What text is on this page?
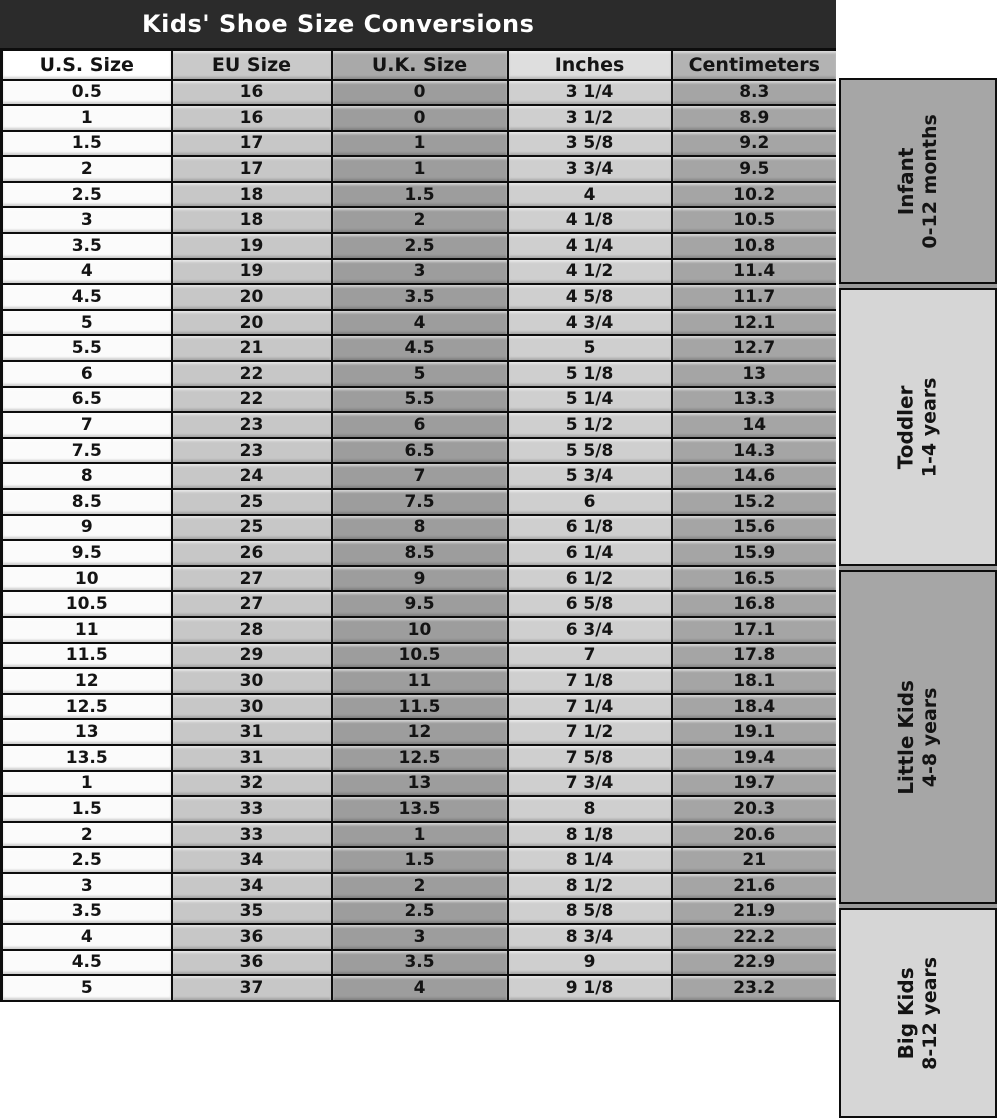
Kids' Shoe Size Conversions
U.S. Size	EU Size	U.K. Size	Inches	Centimeters
0.5	16	0	3 1/4	8.3
1	16	0	3 1/2	8.9
1.5	17	1	3 5/8	9.2
2	17	1	3 3/4	9.5
2.5	18	1.5	4	10.2
3	18	2	4 1/8	10.5
3.5	19	2.5	4 1/4	10.8
4	19	3	4 1/2	11.4
4.5	20	3.5	4 5/8	11.7
5	20	4	4 3/4	12.1
5.5	21	4.5	5	12.7
6	22	5	5 1/8	13
6.5	22	5.5	5 1/4	13.3
7	23	6	5 1/2	14
7.5	23	6.5	5 5/8	14.3
8	24	7	5 3/4	14.6
8.5	25	7.5	6	15.2
9	25	8	6 1/8	15.6
9.5	26	8.5	6 1/4	15.9
10	27	9	6 1/2	16.5
10.5	27	9.5	6 5/8	16.8
11	28	10	6 3/4	17.1
11.5	29	10.5	7	17.8
12	30	11	7 1/8	18.1
12.5	30	11.5	7 1/4	18.4
13	31	12	7 1/2	19.1
13.5	31	12.5	7 5/8	19.4
1	32	13	7 3/4	19.7
1.5	33	13.5	8	20.3
2	33	1	8 1/8	20.6
2.5	34	1.5	8 1/4	21
3	34	2	8 1/2	21.6
3.5	35	2.5	8 5/8	21.9
4	36	3	8 3/4	22.2
4.5	36	3.5	9	22.9
5	37	4	9 1/8	23.2
Infant 0-12 months
Toddler 1-4 years
Little Kids 4-8 years
Big Kids 8-12 years
